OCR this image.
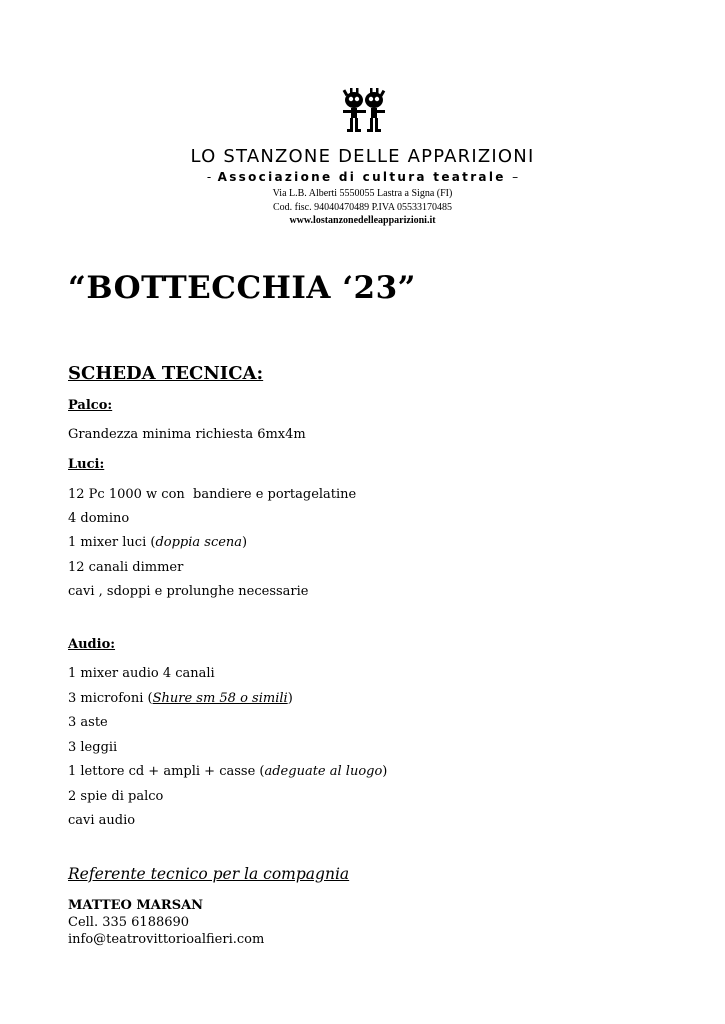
LO STANZONE DELLE APPARIZIONI
- Associazione di cultura teatrale –
Via L.B. Alberti 5550055 Lastra a Signa (FI)
Cod. fisc. 94040470489 P.IVA 05533170485
www.lostanzonedelleapparizioni.it
“BOTTECCHIA ‘23”
SCHEDA TECNICA:
Palco:
Grandezza minima richiesta 6mx4m
Luci:
12 Pc 1000 w con  bandiere e portagelatine
4 domino
1 mixer luci (doppia scena)
12 canali dimmer
cavi , sdoppi e prolunghe necessarie
Audio:
1 mixer audio 4 canali
3 microfoni (Shure sm 58 o simili)
3 aste
3 leggii
1 lettore cd + ampli + casse (adeguate al luogo)
2 spie di palco
cavi audio
Referente tecnico per la compagnia
MATTEO MARSAN
Cell. 335 6188690
info@teatrovittorioalfieri.com
